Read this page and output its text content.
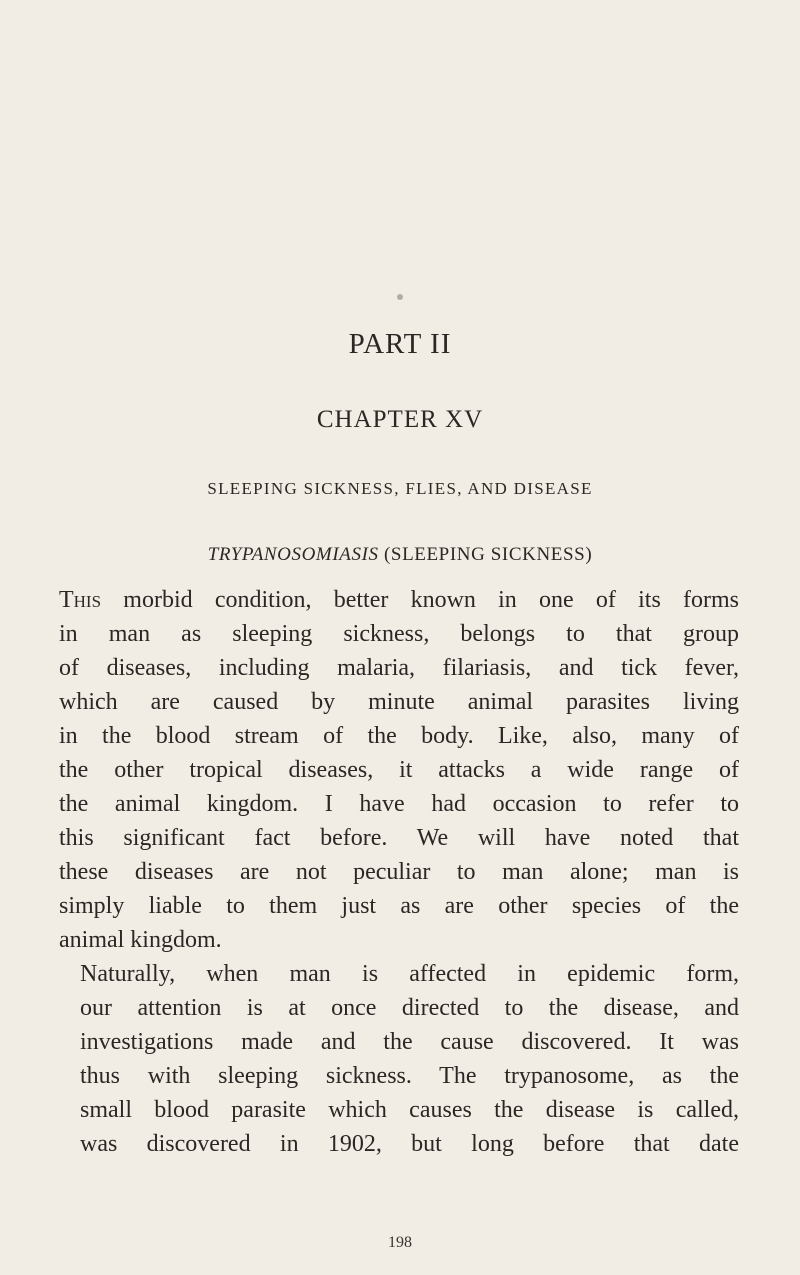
PART II
CHAPTER XV
SLEEPING SICKNESS, FLIES, AND DISEASE
TRYPANOSOMIASIS (SLEEPING SICKNESS)

This morbid condition, better known in one of its forms
in man as sleeping sickness, belongs to that group
of diseases, including malaria, filariasis, and tick fever,
which are caused by minute animal parasites living
in the blood stream of the body. Like, also, many of
the other tropical diseases, it attacks a wide range of
the animal kingdom. I have had occasion to refer to
this significant fact before. We will have noted that
these diseases are not peculiar to man alone; man is
simply liable to them just as are other species of the
animal kingdom.

Naturally, when man is affected in epidemic form,
our attention is at once directed to the disease, and
investigations made and the cause discovered. It was
thus with sleeping sickness. The trypanosome, as the
small blood parasite which causes the disease is called,
was discovered in 1902, but long before that date

198
